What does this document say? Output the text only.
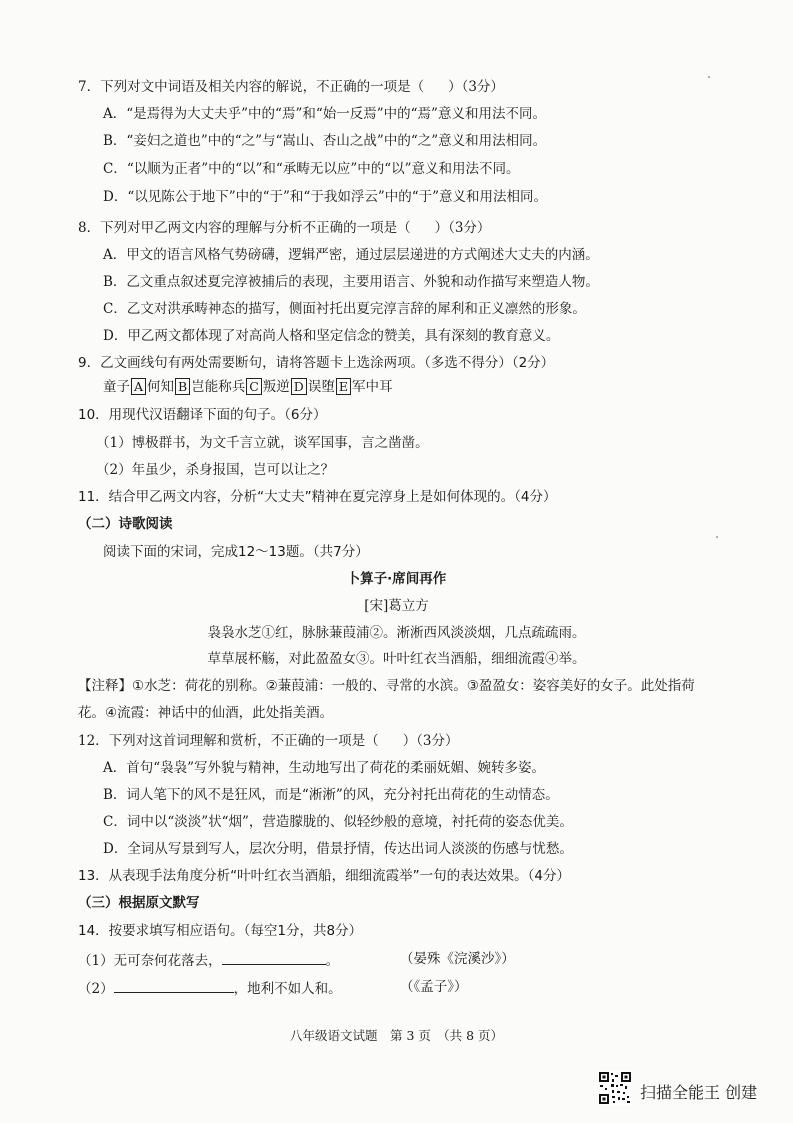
7．下列对文中词语及相关内容的解说，不正确的一项是（ ）（3分）
A．“是焉得为大丈夫乎”中的“焉”和“始一反焉”中的“焉”意义和用法不同。
B．“妾妇之道也”中的“之”与“嵩山、杏山之战”中的“之”意义和用法相同。
C．“以顺为正者”中的“以”和“承畴无以应”中的“以”意义和用法不同。
D．“以见陈公于地下”中的“于”和“于我如浮云”中的“于”意义和用法相同。
8．下列对甲乙两文内容的理解与分析不正确的一项是（ ）（3分）
A．甲文的语言风格气势磅礴，逻辑严密，通过层层递进的方式阐述大丈夫的内涵。
B．乙文重点叙述夏完淳被捕后的表现，主要用语言、外貌和动作描写来塑造人物。
C．乙文对洪承畴神态的描写，侧面衬托出夏完淳言辞的犀利和正义凛然的形象。
D．甲乙两文都体现了对高尚人格和坚定信念的赞美，具有深刻的教育意义。
9．乙文画线句有两处需要断句，请将答题卡上选涂两项。（多选不得分）（2分）
童子 A 何知 B 岂能称兵 C 叛逆 D 误堕 E 军中耳
10．用现代汉语翻译下面的句子。（6分）
（1）博极群书，为文千言立就，谈军国事，言之凿凿。
（2）年虽少，杀身报国，岂可以让之？
11．结合甲乙两文内容，分析“大丈夫”精神在夏完淳身上是如何体现的。（4分）
（二）诗歌阅读
阅读下面的宋词，完成12～13题。（共7分）
卜算子·席间再作
[宋]葛立方
袅袅水芝①红，脉脉蒹葭浦②。淅淅西风淡淡烟，几点疏疏雨。
草草展杯觞，对此盈盈女③。叶叶红衣当酒船，细细流霞④举。
【注释】①水芝：荷花的别称。②蒹葭浦：一般的、寻常的水滨。③盈盈女：姿容美好的女子。此处指荷
花。④流霞：神话中的仙酒，此处指美酒。
12．下列对这首词理解和赏析，不正确的一项是（ ）（3分）
A．首句“袅袅”写外貌与精神，生动地写出了荷花的柔丽妩媚、婉转多姿。
B．词人笔下的风不是狂风，而是“淅淅”的风，充分衬托出荷花的生动情态。
C．词中以“淡淡”状“烟”，营造朦胧的、似轻纱般的意境，衬托荷的姿态优美。
D．全词从写景到写人，层次分明，借景抒情，传达出词人淡淡的伤感与忧愁。
13．从表现手法角度分析“叶叶红衣当酒船，细细流霞举”一句的表达效果。（4分）
（三）根据原文默写
14．按要求填写相应语句。（每空1分，共8分）
（1）无可奈何花落去，	。	（晏殊《浣溪沙》）
（2）	，地利不如人和。	（《孟子》）
八年级语文试题　第 3 页　（共 8 页）
扫描全能王 创建
